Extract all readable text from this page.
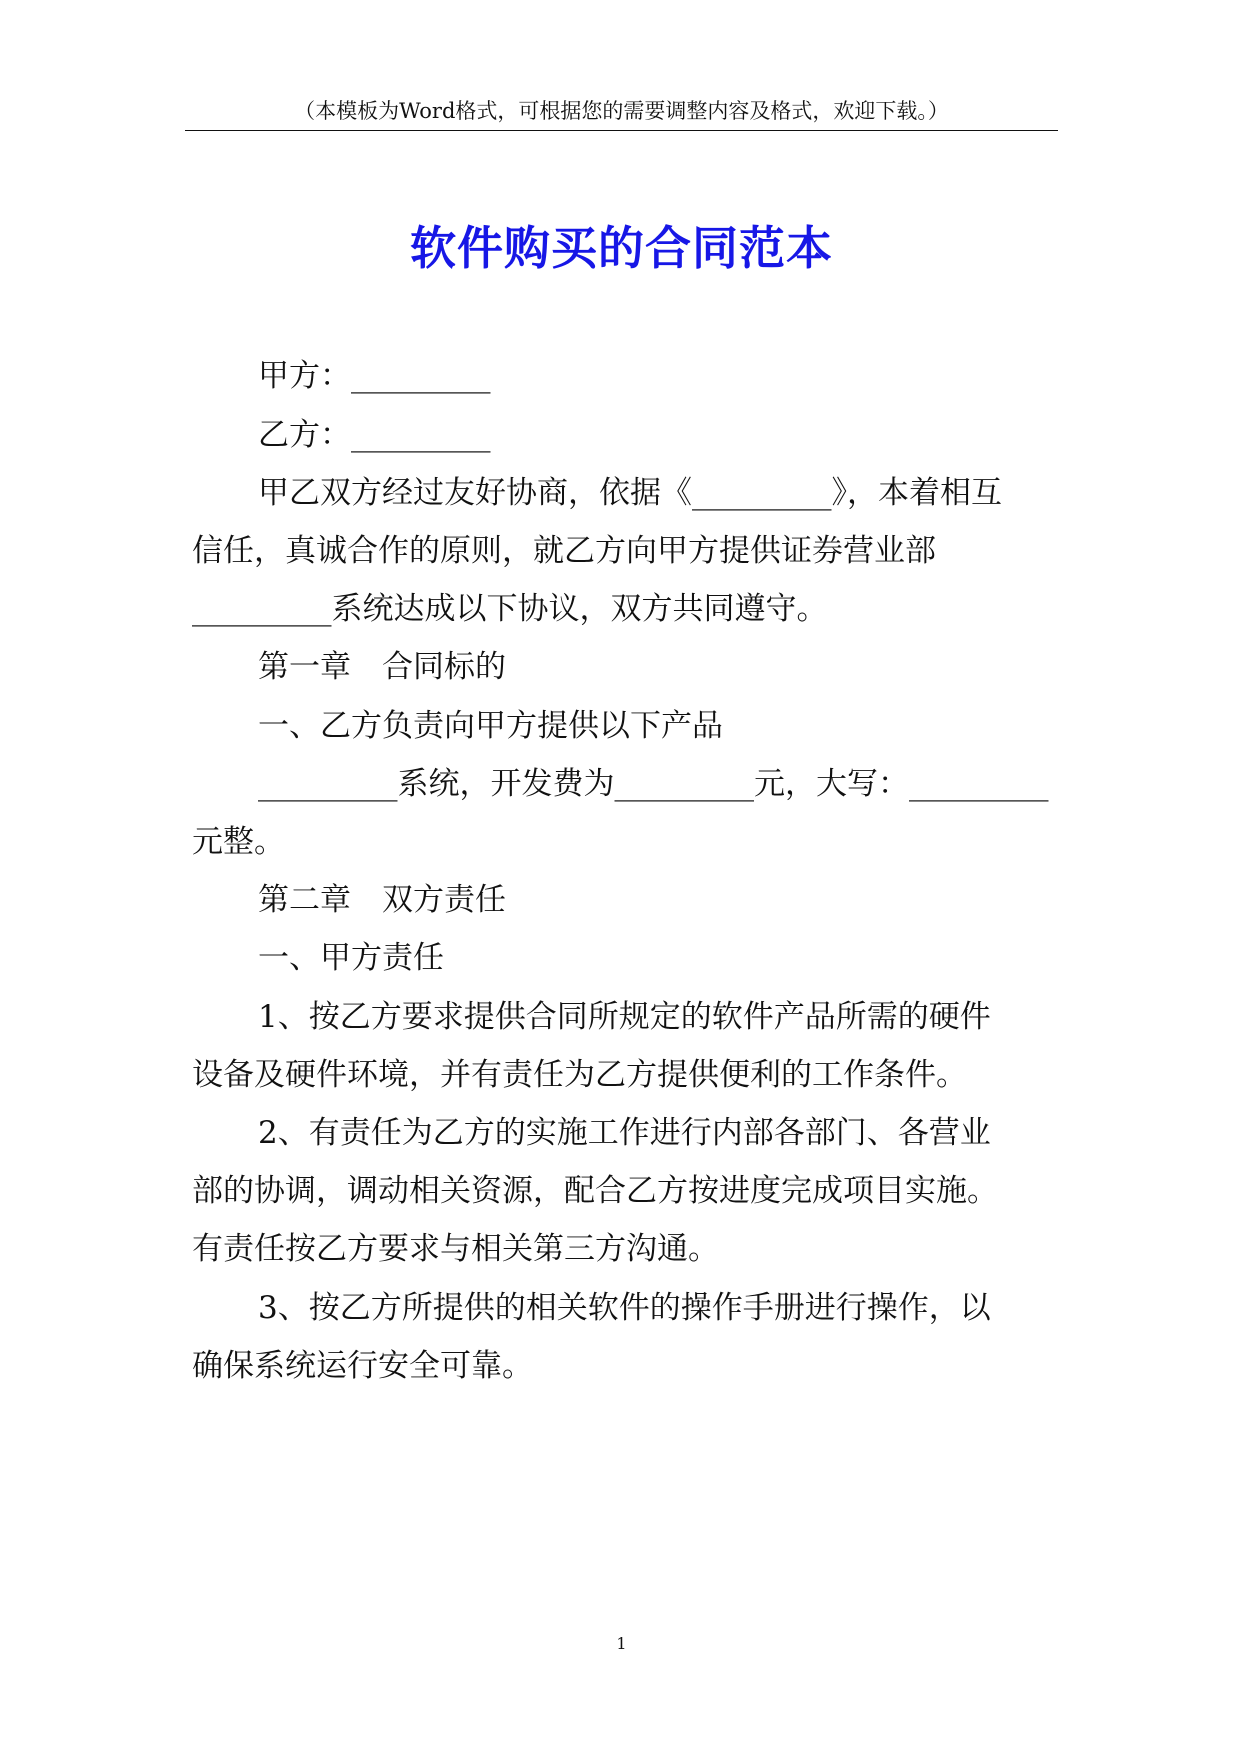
（本模板为Word格式，可根据您的需要调整内容及格式，欢迎下载。）
软件购买的合同范本
甲方：_________
乙方：_________
甲乙双方经过友好协商，依据《_________》，本着相互
信任，真诚合作的原则，就乙方向甲方提供证券营业部
_________系统达成以下协议，双方共同遵守。
第一章　合同标的
一、乙方负责向甲方提供以下产品
_________系统，开发费为_________元，大写：_________
元整。
第二章　双方责任
一、甲方责任
1、按乙方要求提供合同所规定的软件产品所需的硬件
设备及硬件环境，并有责任为乙方提供便利的工作条件。
2、有责任为乙方的实施工作进行内部各部门、各营业
部的协调，调动相关资源，配合乙方按进度完成项目实施。
有责任按乙方要求与相关第三方沟通。
3、按乙方所提供的相关软件的操作手册进行操作，以
确保系统运行安全可靠。
1
